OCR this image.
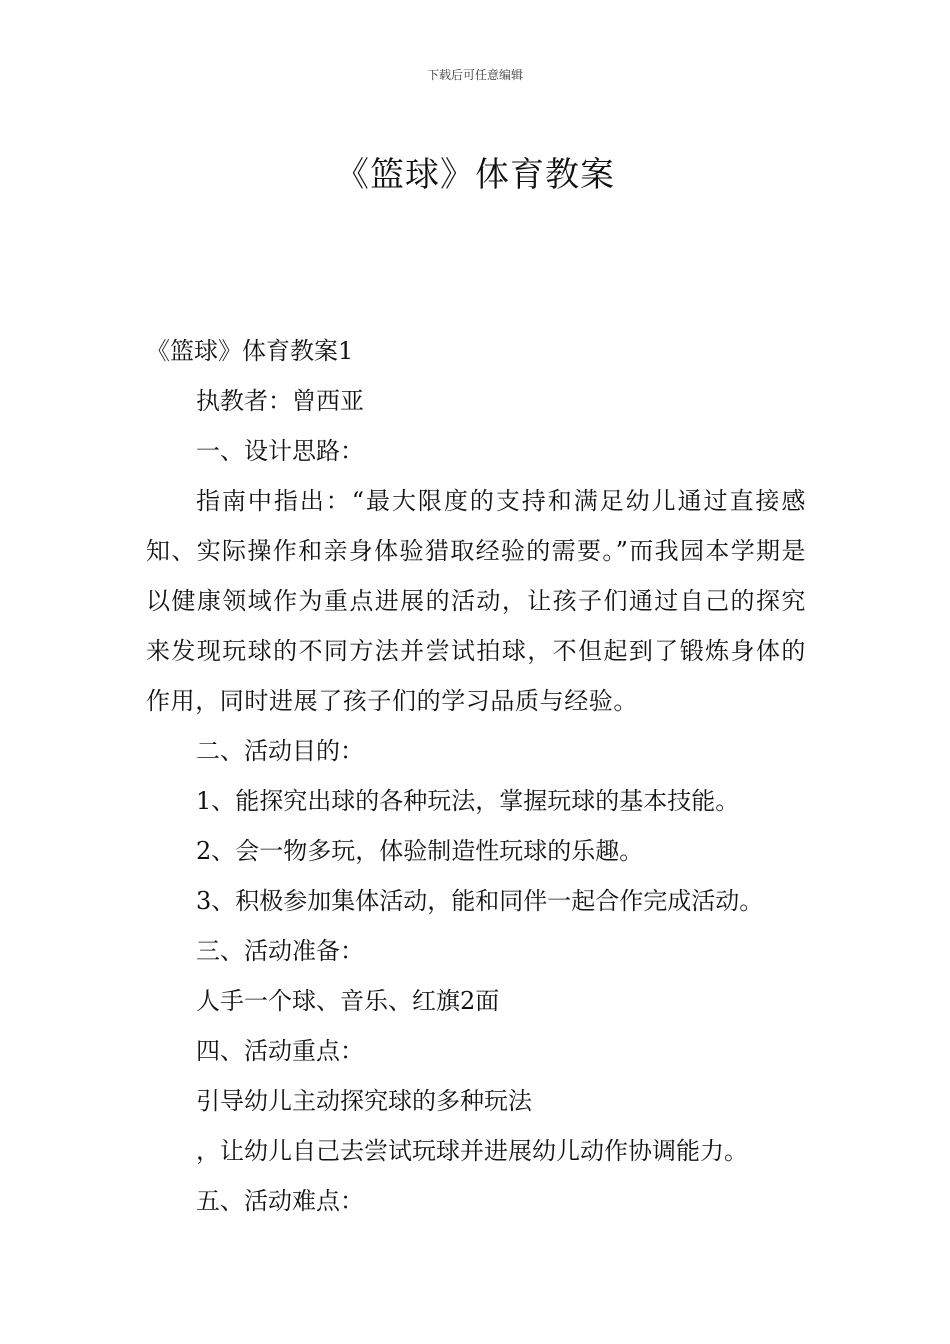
下载后可任意编辑
《篮球》体育教案
《篮球》体育教案1
执教者：曾西亚
一、设计思路：
指南中指出：“最大限度的支持和满足幼儿通过直接感知、实际操作和亲身体验猎取经验的需要。”而我园本学期是以健康领域作为重点进展的活动，让孩子们通过自己的探究来发现玩球的不同方法并尝试拍球，不但起到了锻炼身体的作用，同时进展了孩子们的学习品质与经验。
二、活动目的：
1、能探究出球的各种玩法，掌握玩球的基本技能。
2、会一物多玩，体验制造性玩球的乐趣。
3、积极参加集体活动，能和同伴一起合作完成活动。
三、活动准备：
人手一个球、音乐、红旗2面
四、活动重点：
引导幼儿主动探究球的多种玩法
，让幼儿自己去尝试玩球并进展幼儿动作协调能力。
五、活动难点：
